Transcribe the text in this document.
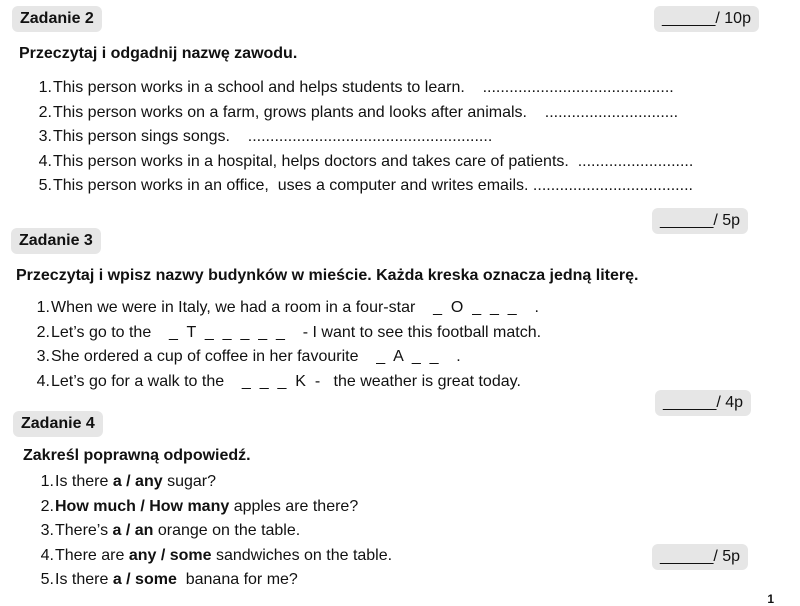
Zadanie 2	______/ 10p
Przeczytaj i odgadnij nazwę zawodu.
1.This person works in a school and helps students to learn. ...........................................
2.This person works on a farm, grows plants and looks after animals. ..............................
3.This person sings songs. .......................................................
4.This person works in a hospital, helps doctors and takes care of patients. ..........................
5.This person works in an office,  uses a computer and writes emails. ....................................
______/ 5p
Zadanie 3
Przeczytaj i wpisz nazwy budynków w mieście. Każda kreska oznacza jedną literę.
1.When we were in Italy, we had a room in a four-star    _  O  _  _  _    .
2.Let’s go to the    _  T  _  _  _  _  _    - I want to see this football match.
3.She ordered a cup of coffee in her favourite    _  A  _  _    .
4.Let’s go for a walk to the    _  _  _  K  -   the weather is great today.
______/ 4p
Zadanie 4
Zakreśl poprawną odpowiedź.
1.Is there a / any sugar?
2.How much / How many apples are there?
3.There’s a / an orange on the table.
4.There are any / some sandwiches on the table.
5.Is there a / some  banana for me?
______/ 5p
1
